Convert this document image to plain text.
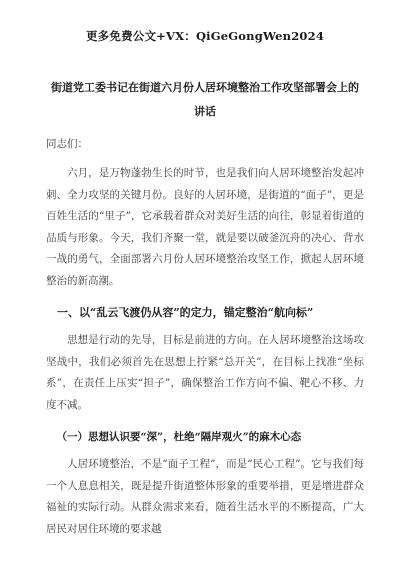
更多免费公文+VX：QiGeGongWen2024
街道党工委书记在街道六月份人居环境整治工作攻坚部署会上的讲话

同志们：

六月，是万物蓬勃生长的时节，也是我们向人居环境整治发起冲刺、全力攻坚的关键月份。良好的人居环境，是街道的“面子”，更是百姓生活的“里子”，它承载着群众对美好生活的向往，彰显着街道的品质与形象。今天，我们齐聚一堂，就是要以破釜沉舟的决心、背水一战的勇气，全面部署六月份人居环境整治攻坚工作，掀起人居环境整治的新高潮。

一、以“乱云飞渡仍从容”的定力，锚定整治“航向标”

思想是行动的先导，目标是前进的方向。在人居环境整治这场攻坚战中，我们必须首先在思想上拧紧“总开关”，在目标上找准“坐标系”，在责任上压实“担子”，确保整治工作方向不偏、靶心不移、力度不减。

（一）思想认识要“深”，杜绝“隔岸观火”的麻木心态

人居环境整治，不是“面子工程”，而是“民心工程”。它与我们每一个人息息相关，既是提升街道整体形象的重要举措，更是增进群众福祉的实际行动。从群众需求来看，随着生活水平的不断提高，广大居民对居住环境的要求越
